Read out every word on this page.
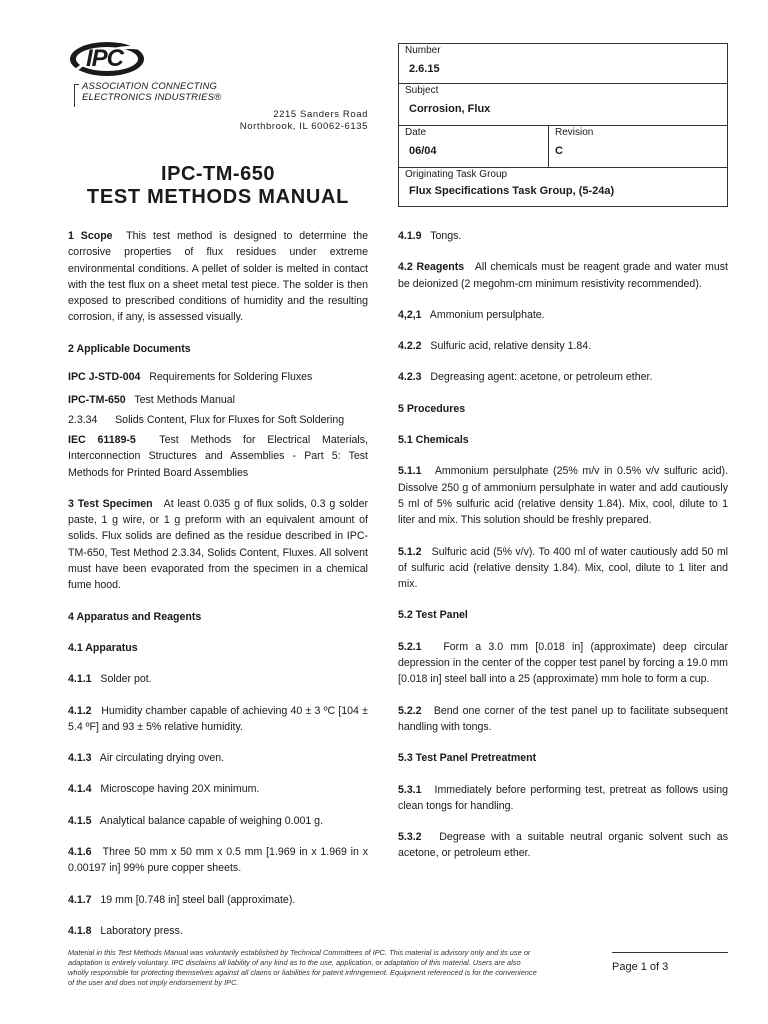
IPC
ASSOCIATION CONNECTING
ELECTRONICS INDUSTRIES®
2215 Sanders Road
Northbrook, IL 60062-6135
IPC-TM-650
TEST METHODS MANUAL
Number
2.6.15
Subject
Corrosion, Flux
Date
06/04
Revision
C
Originating Task Group
Flux Specifications Task Group, (5-24a)

1 Scope  This test method is designed to determine the corrosive properties of flux residues under extreme environmental conditions. A pellet of solder is melted in contact with the test flux on a sheet metal test piece. The solder is then exposed to prescribed conditions of humidity and the resulting corrosion, if any, is assessed visually.

2 Applicable Documents

IPC J-STD-004   Requirements for Soldering Fluxes

IPC-TM-650   Test Methods Manual

2.3.34      Solids Content, Flux for Fluxes for Soft Soldering

IEC 61189-5  Test Methods for Electrical Materials, Interconnection Structures and Assemblies - Part 5: Test Methods for Printed Board Assemblies

3 Test Specimen   At least 0.035 g of flux solids, 0.3 g solder paste, 1 g wire, or 1 g preform with an equivalent amount of solids. Flux solids are defined as the residue described in IPC-TM-650, Test Method 2.3.34, Solids Content, Fluxes. All solvent must have been evaporated from the specimen in a chemical fume hood.

4 Apparatus and Reagents

4.1 Apparatus

4.1.1   Solder pot.

4.1.2   Humidity chamber capable of achieving 40 ± 3 ºC [104 ± 5.4 ºF] and 93 ± 5% relative humidity.

4.1.3   Air circulating drying oven.

4.1.4   Microscope having 20X minimum.

4.1.5   Analytical balance capable of weighing 0.001 g.

4.1.6   Three 50 mm x 50 mm x 0.5 mm [1.969 in x 1.969 in x 0.00197 in] 99% pure copper sheets.

4.1.7   19 mm [0.748 in] steel ball (approximate).

4.1.8   Laboratory press.

4.1.9   Tongs.

4.2 Reagents   All chemicals must be reagent grade and water must be deionized (2 megohm-cm minimum resistivity recommended).

4,2,1   Ammonium persulphate.

4.2.2   Sulfuric acid, relative density 1.84.

4.2.3   Degreasing agent: acetone, or petroleum ether.

5 Procedures

5.1 Chemicals

5.1.1   Ammonium persulphate (25% m/v in 0.5% v/v sulfuric acid). Dissolve 250 g of ammonium persulphate in water and add cautiously 5 ml of 5% sulfuric acid (relative density 1.84). Mix, cool, dilute to 1 liter and mix. This solution should be freshly prepared.

5.1.2   Sulfuric acid (5% v/v). To 400 ml of water cautiously add 50 ml of sulfuric acid (relative density 1.84). Mix, cool, dilute to 1 liter and mix.

5.2 Test Panel

5.2.1   Form a 3.0 mm [0.018 in] (approximate) deep circular depression in the center of the copper test panel by forcing a 19.0 mm [0.018 in] steel ball into a 25 (approximate) mm hole to form a cup.

5.2.2   Bend one corner of the test panel up to facilitate subsequent handling with tongs.

5.3 Test Panel Pretreatment

5.3.1   Immediately before performing test, pretreat as follows using clean tongs for handling.

5.3.2   Degrease with a suitable neutral organic solvent such as acetone, or petroleum ether.

Material in this Test Methods Manual was voluntarily established by Technical Committees of IPC. This material is advisory only and its use or adaptation is entirely voluntary. IPC disclaims all liability of any kind as to the use, application, or adaptation of this material. Users are also wholly responsible for protecting themselves against all claims or liabilities for patent infringement. Equipment referenced is for the convenience of the user and does not imply endorsement by IPC.
Page 1 of 3
